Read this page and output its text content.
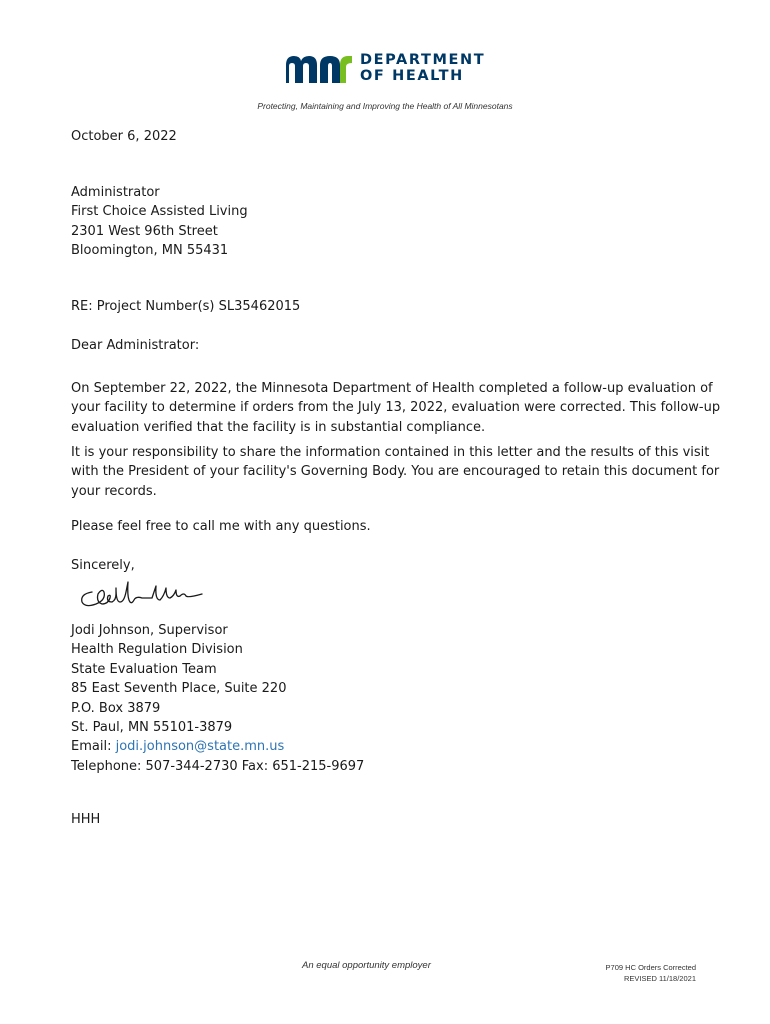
DEPARTMENT
OF HEALTH
Protecting, Maintaining and Improving the Health of All Minnesotans
October 6, 2022
Administrator
First Choice Assisted Living
2301 West 96th Street
Bloomington, MN 55431
RE: Project Number(s) SL35462015
Dear Administrator:
On September 22, 2022, the Minnesota Department of Health completed a follow-up evaluation of
your facility to determine if orders from the July 13, 2022, evaluation were corrected. This follow-up
evaluation verified that the facility is in substantial compliance.
It is your responsibility to share the information contained in this letter and the results of this visit
with the President of your facility's Governing Body. You are encouraged to retain this document for
your records.
Please feel free to call me with any questions.
Sincerely,
Jodi Johnson, Supervisor
Health Regulation Division
State Evaluation Team
85 East Seventh Place, Suite 220
P.O. Box 3879
St. Paul, MN 55101-3879
Email: jodi.johnson@state.mn.us
Telephone: 507-344-2730 Fax: 651-215-9697
HHH
An equal opportunity employer	P709 HC Orders Corrected
REVISED 11/18/2021
